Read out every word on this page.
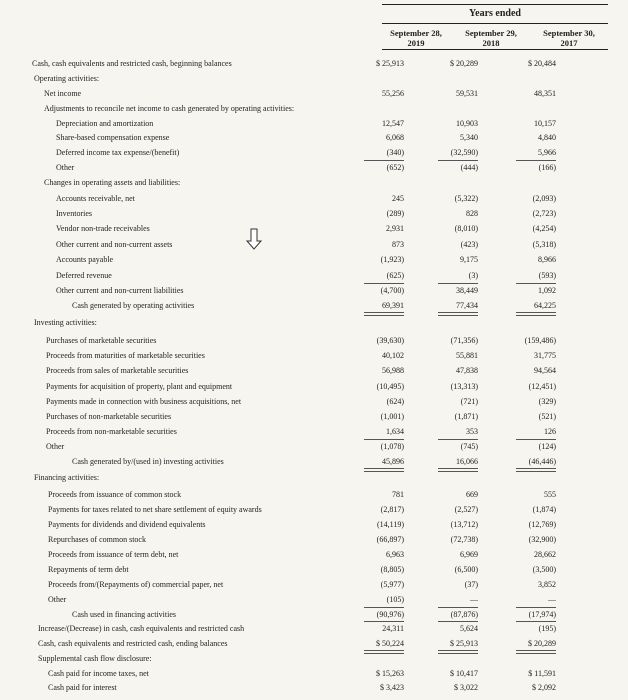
Years ended
September 28,
2019
September 29,
2018
September 30,
2017
Cash, cash equivalents and restricted cash, beginning balances	$ 25,913	$ 20,289	$ 20,484
Operating activities:
Net income	55,256	59,531	48,351
Adjustments to reconcile net income to cash generated by operating activities:
Depreciation and amortization	12,547	10,903	10,157
Share-based compensation expense	6,068	5,340	4,840
Deferred income tax expense/(benefit)	(340)	(32,590)	5,966
Other	(652)	(444)	(166)
Changes in operating assets and liabilities:
Accounts receivable, net	245	(5,322)	(2,093)
Inventories	(289)	828	(2,723)
Vendor non-trade receivables	2,931	(8,010)	(4,254)
Other current and non-current assets	873	(423)	(5,318)
Accounts payable	(1,923)	9,175	8,966
Deferred revenue	(625)	(3)	(593)
Other current and non-current liabilities	(4,700)	38,449	1,092
Cash generated by operating activities	69,391	77,434	64,225
Investing activities:
Purchases of marketable securities	(39,630)	(71,356)	(159,486)
Proceeds from maturities of marketable securities	40,102	55,881	31,775
Proceeds from sales of marketable securities	56,988	47,838	94,564
Payments for acquisition of property, plant and equipment	(10,495)	(13,313)	(12,451)
Payments made in connection with business acquisitions, net	(624)	(721)	(329)
Purchases of non-marketable securities	(1,001)	(1,871)	(521)
Proceeds from non-marketable securities	1,634	353	126
Other	(1,078)	(745)	(124)
Cash generated by/(used in) investing activities	45,896	16,066	(46,446)
Financing activities:
Proceeds from issuance of common stock	781	669	555
Payments for taxes related to net share settlement of equity awards	(2,817)	(2,527)	(1,874)
Payments for dividends and dividend equivalents	(14,119)	(13,712)	(12,769)
Repurchases of common stock	(66,897)	(72,738)	(32,900)
Proceeds from issuance of term debt, net	6,963	6,969	28,662
Repayments of term debt	(8,805)	(6,500)	(3,500)
Proceeds from/(Repayments of) commercial paper, net	(5,977)	(37)	3,852
Other	(105)	—	—
Cash used in financing activities	(90,976)	(87,876)	(17,974)
Increase/(Decrease) in cash, cash equivalents and restricted cash	24,311	5,624	(195)
Cash, cash equivalents and restricted cash, ending balances	$ 50,224	$ 25,913	$ 20,289
Supplemental cash flow disclosure:
Cash paid for income taxes, net	$ 15,263	$ 10,417	$ 11,591
Cash paid for interest	$ 3,423	$ 3,022	$ 2,092
